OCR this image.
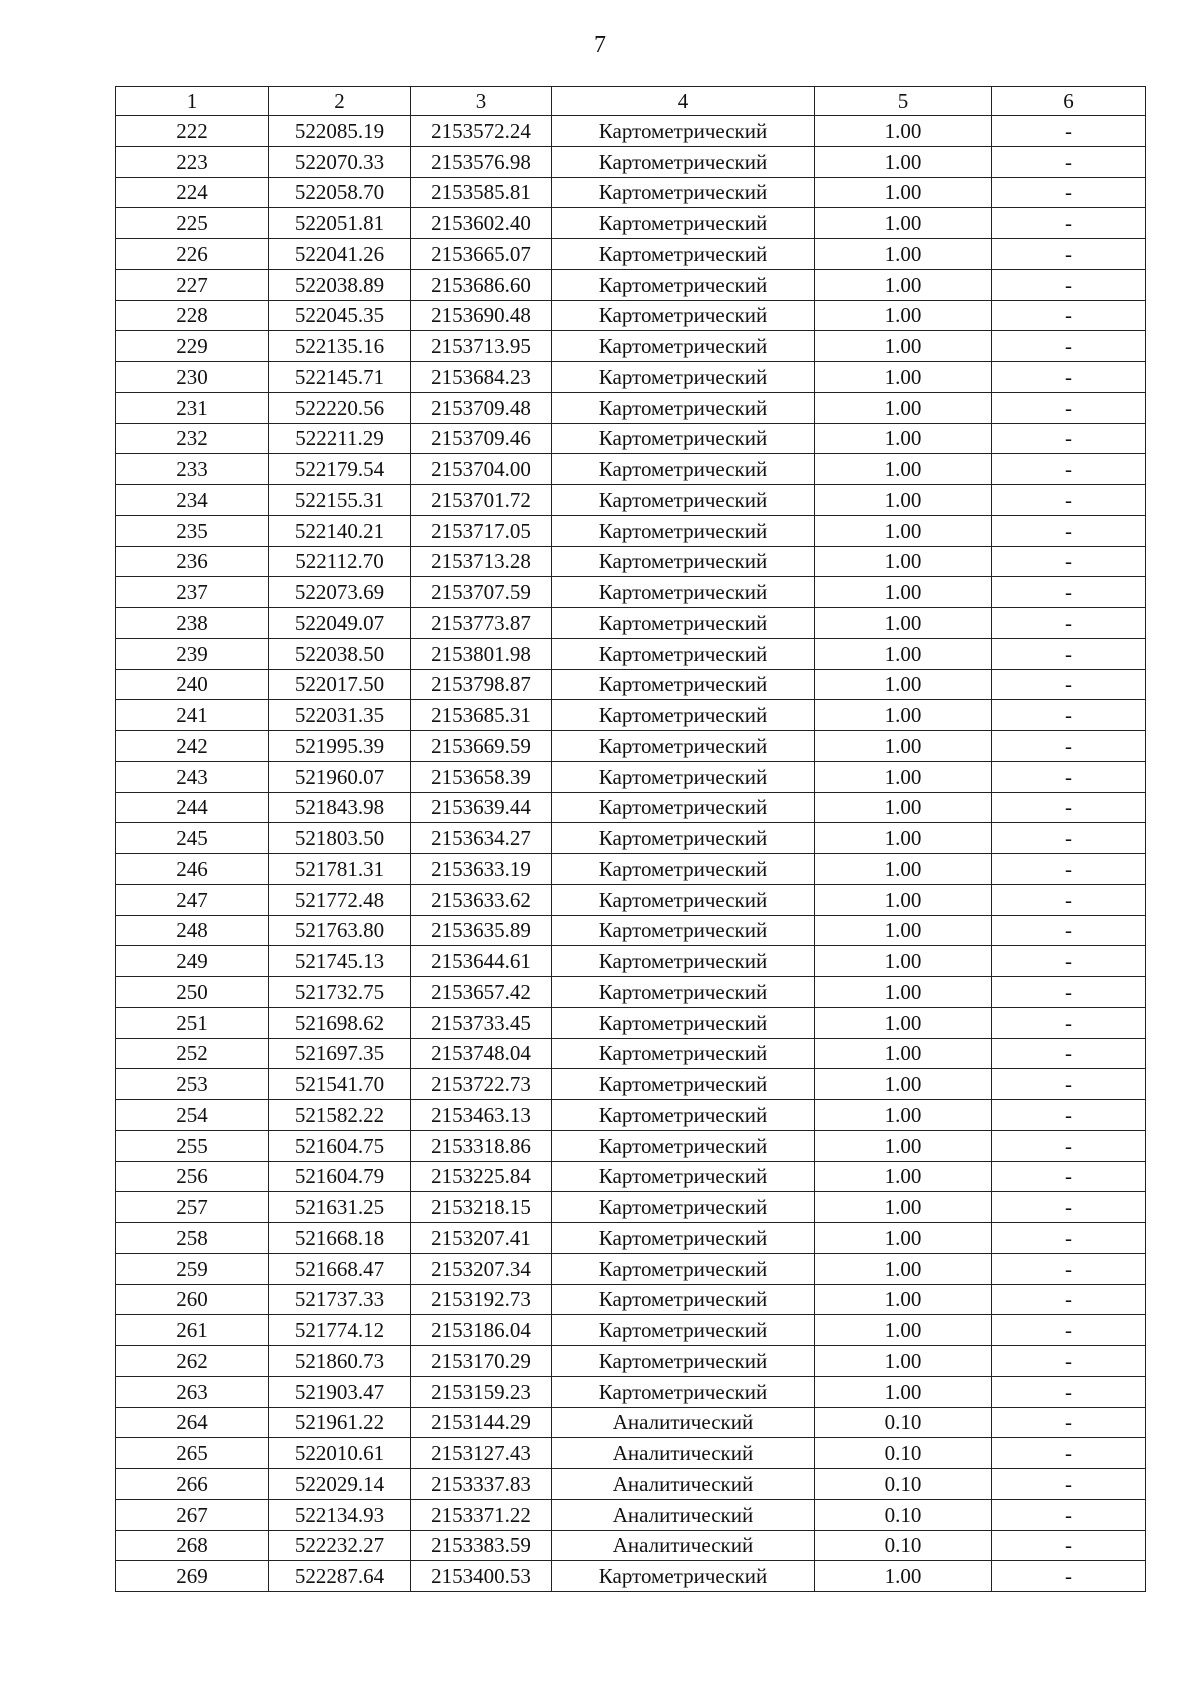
7
1	2	3	4	5	6
222	522085.19	2153572.24	Картометрический	1.00	-
223	522070.33	2153576.98	Картометрический	1.00	-
224	522058.70	2153585.81	Картометрический	1.00	-
225	522051.81	2153602.40	Картометрический	1.00	-
226	522041.26	2153665.07	Картометрический	1.00	-
227	522038.89	2153686.60	Картометрический	1.00	-
228	522045.35	2153690.48	Картометрический	1.00	-
229	522135.16	2153713.95	Картометрический	1.00	-
230	522145.71	2153684.23	Картометрический	1.00	-
231	522220.56	2153709.48	Картометрический	1.00	-
232	522211.29	2153709.46	Картометрический	1.00	-
233	522179.54	2153704.00	Картометрический	1.00	-
234	522155.31	2153701.72	Картометрический	1.00	-
235	522140.21	2153717.05	Картометрический	1.00	-
236	522112.70	2153713.28	Картометрический	1.00	-
237	522073.69	2153707.59	Картометрический	1.00	-
238	522049.07	2153773.87	Картометрический	1.00	-
239	522038.50	2153801.98	Картометрический	1.00	-
240	522017.50	2153798.87	Картометрический	1.00	-
241	522031.35	2153685.31	Картометрический	1.00	-
242	521995.39	2153669.59	Картометрический	1.00	-
243	521960.07	2153658.39	Картометрический	1.00	-
244	521843.98	2153639.44	Картометрический	1.00	-
245	521803.50	2153634.27	Картометрический	1.00	-
246	521781.31	2153633.19	Картометрический	1.00	-
247	521772.48	2153633.62	Картометрический	1.00	-
248	521763.80	2153635.89	Картометрический	1.00	-
249	521745.13	2153644.61	Картометрический	1.00	-
250	521732.75	2153657.42	Картометрический	1.00	-
251	521698.62	2153733.45	Картометрический	1.00	-
252	521697.35	2153748.04	Картометрический	1.00	-
253	521541.70	2153722.73	Картометрический	1.00	-
254	521582.22	2153463.13	Картометрический	1.00	-
255	521604.75	2153318.86	Картометрический	1.00	-
256	521604.79	2153225.84	Картометрический	1.00	-
257	521631.25	2153218.15	Картометрический	1.00	-
258	521668.18	2153207.41	Картометрический	1.00	-
259	521668.47	2153207.34	Картометрический	1.00	-
260	521737.33	2153192.73	Картометрический	1.00	-
261	521774.12	2153186.04	Картометрический	1.00	-
262	521860.73	2153170.29	Картометрический	1.00	-
263	521903.47	2153159.23	Картометрический	1.00	-
264	521961.22	2153144.29	Аналитический	0.10	-
265	522010.61	2153127.43	Аналитический	0.10	-
266	522029.14	2153337.83	Аналитический	0.10	-
267	522134.93	2153371.22	Аналитический	0.10	-
268	522232.27	2153383.59	Аналитический	0.10	-
269	522287.64	2153400.53	Картометрический	1.00	-
